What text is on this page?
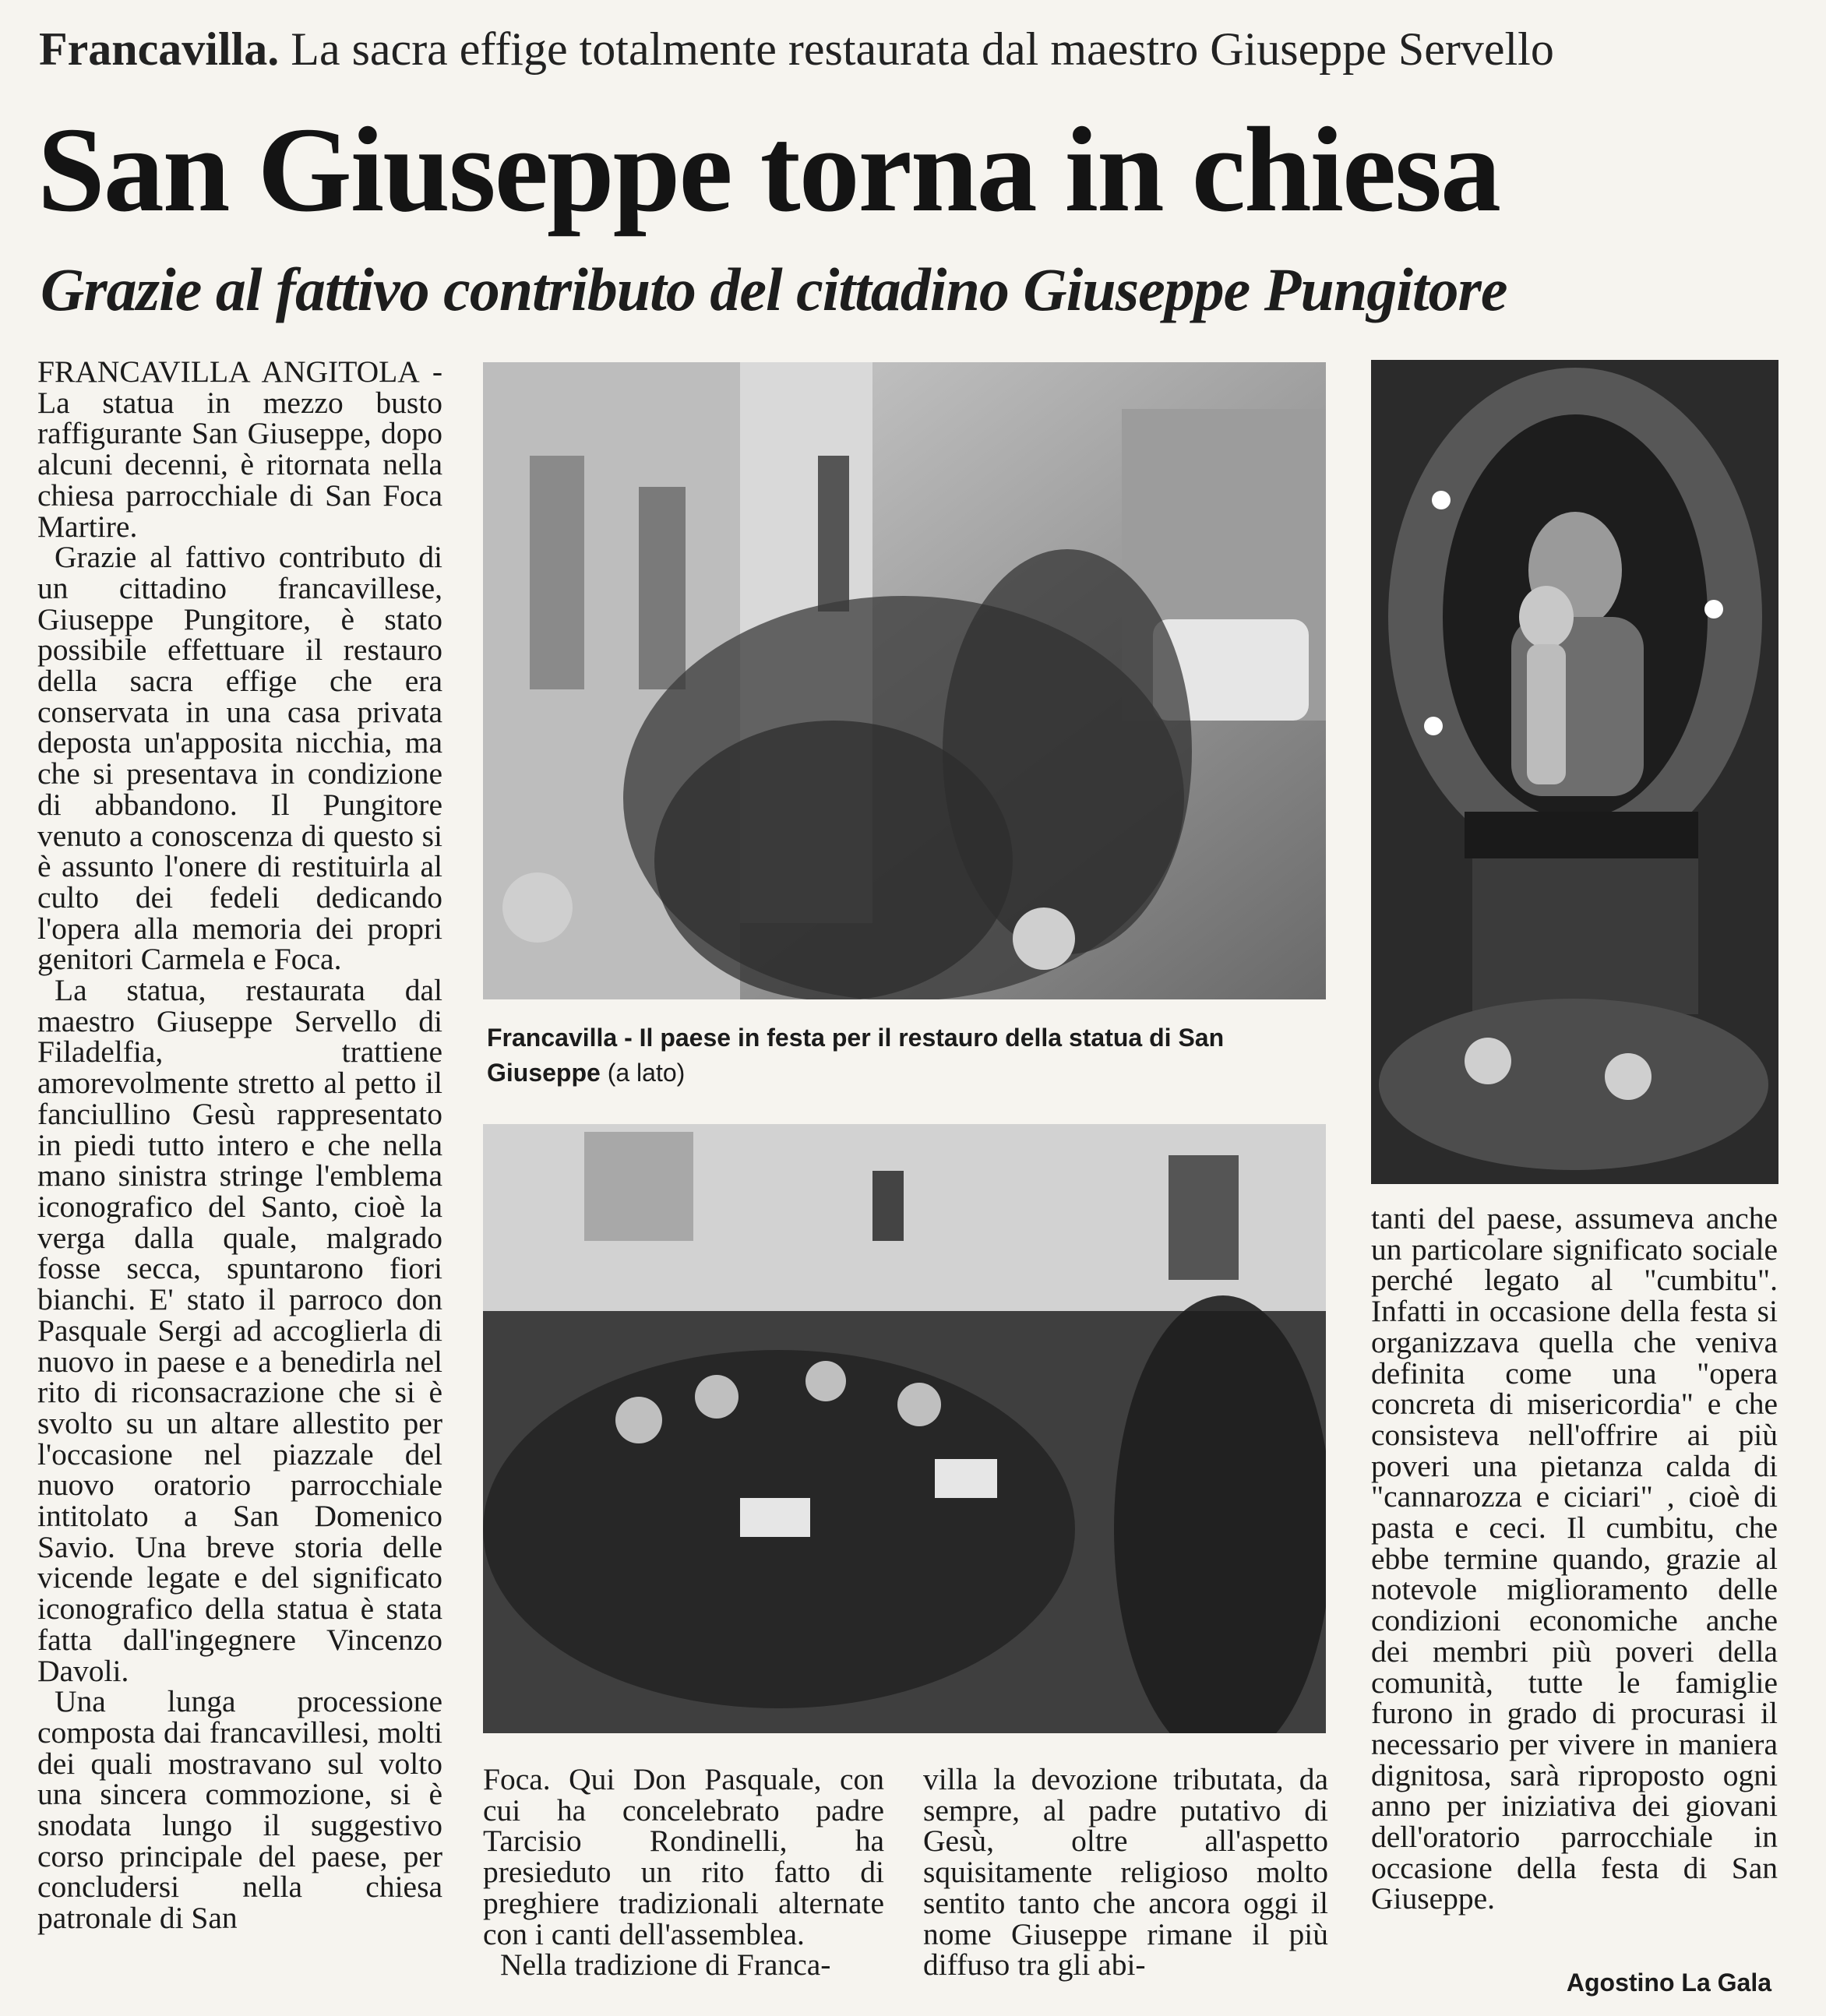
Francavilla. La sacra effige totalmente restaurata dal maestro Giuseppe Servello
San Giuseppe torna in chiesa
Grazie al fattivo contributo del cittadino Giuseppe Pungitore

FRANCAVILLA ANGITOLA - La statua in mezzo busto raffigurante San Giuseppe, dopo alcuni decenni, è ritornata nella chiesa parrocchiale di San Foca Martire.

Grazie al fattivo contributo di un cittadino francavillese, Giuseppe Pungitore, è stato possibile effettuare il restauro della sacra effige che era conservata in una casa privata deposta un'apposita nicchia, ma che si presentava in condizione di abbandono. Il Pungitore venuto a conoscenza di questo si è assunto l'onere di restituirla al culto dei fedeli dedicando l'opera alla memoria dei propri genitori Carmela e Foca.

La statua, restaurata dal maestro Giuseppe Servello di Filadelfia, trattiene amorevolmente stretto al petto il fanciullino Gesù rappresentato in piedi tutto intero e che nella mano sinistra stringe l'emblema iconografico del Santo, cioè la verga dalla quale, malgrado fosse secca, spuntarono fiori bianchi. E' stato il parroco don Pasquale Sergi ad accoglierla di nuovo in paese e a benedirla nel rito di riconsacrazione che si è svolto su un altare allestito per l'occasione nel piazzale del nuovo oratorio parrocchiale intitolato a San Domenico Savio. Una breve storia delle vicende legate e del significato iconografico della statua è stata fatta dall'ingegnere Vincenzo Davoli.

Una lunga processione composta dai francavillesi, molti dei quali mostravano sul volto una sincera commozione, si è snodata lungo il suggestivo corso principale del paese, per concludersi nella chiesa patronale di San

Francavilla - Il paese in festa per il restauro della statua di San Giuseppe (a lato)

Foca. Qui Don Pasquale, con cui ha concelebrato padre Tarcisio Rondinelli, ha presieduto un rito fatto di preghiere tradizionali alternate con i canti dell'assemblea.

Nella tradizione di Franca-

villa la devozione tributata, da sempre, al padre putativo di Gesù, oltre all'aspetto squisitamente religioso molto sentito tanto che ancora oggi il nome Giuseppe rimane il più diffuso tra gli abi-

tanti del paese, assumeva anche un particolare significato sociale perché legato al "cumbitu". Infatti in occasione della festa si organizzava quella che veniva definita come una "opera concreta di misericordia" e che consisteva nell'offrire ai più poveri una pietanza calda di "cannarozza e ciciari" , cioè di pasta e ceci. Il cumbitu, che ebbe termine quando, grazie al notevole miglioramento delle condizioni economiche anche dei membri più poveri della comunità, tutte le famiglie furono in grado di procurasi il necessario per vivere in maniera dignitosa, sarà riproposto ogni anno per iniziativa dei giovani dell'oratorio parrocchiale in occasione della festa di San Giuseppe.

Agostino La Gala
